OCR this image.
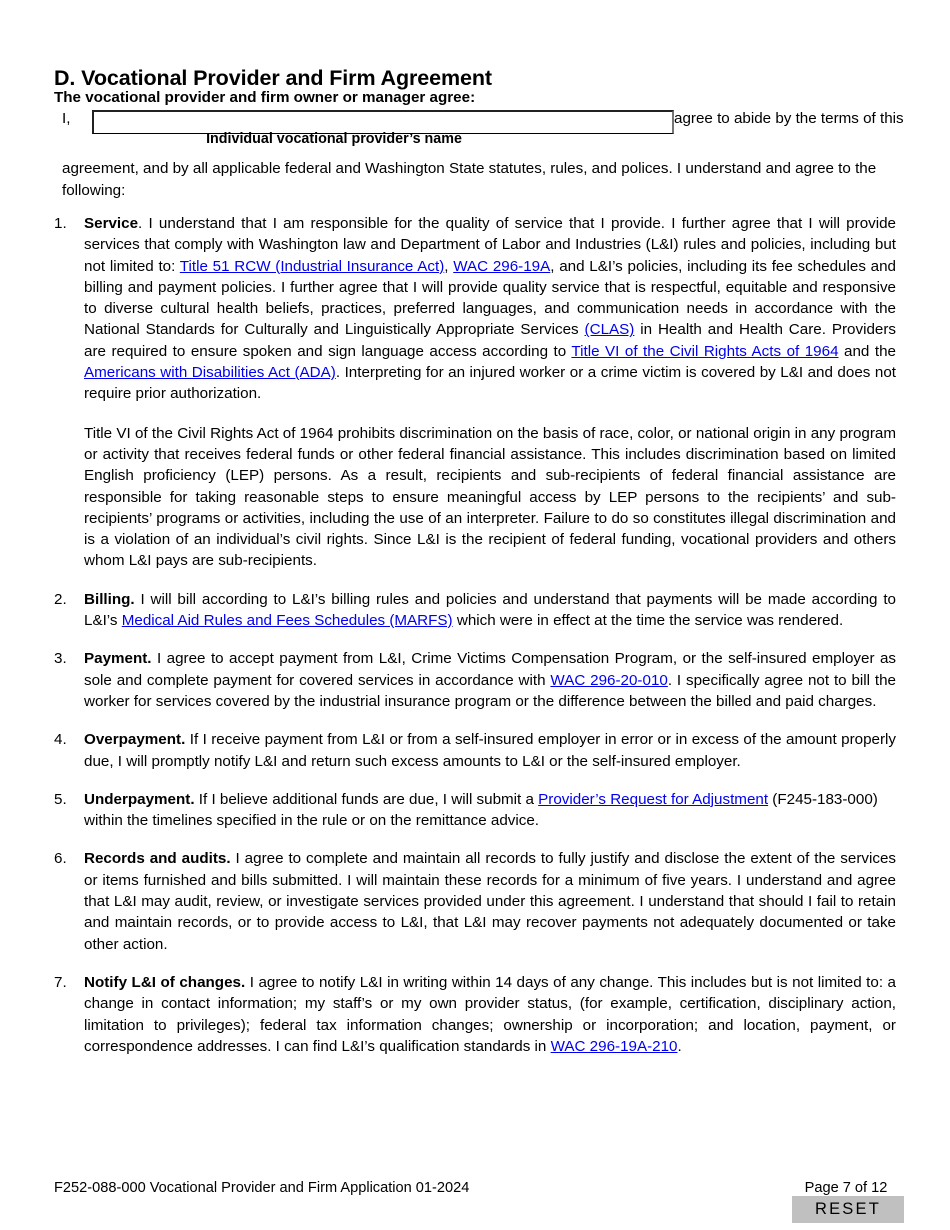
D. Vocational Provider and Firm Agreement
The vocational provider and firm owner or manager agree:
I,	agree to abide by the terms of this
Individual vocational provider’s name
agreement, and by all applicable federal and Washington State statutes, rules, and polices. I understand and agree to the following:
1.	Service. I understand that I am responsible for the quality of service that I provide. I further agree that I will provide services that comply with Washington law and Department of Labor and Industries (L&I) rules and policies, including but not limited to: Title 51 RCW (Industrial Insurance Act), WAC 296-19A, and L&I’s policies, including its fee schedules and billing and payment policies. I further agree that I will provide quality service that is respectful, equitable and responsive to diverse cultural health beliefs, practices, preferred languages, and communication needs in accordance with the National Standards for Culturally and Linguistically Appropriate Services (CLAS) in Health and Health Care. Providers are required to ensure spoken and sign language access according to Title VI of the Civil Rights Acts of 1964 and the Americans with Disabilities Act (ADA). Interpreting for an injured worker or a crime victim is covered by L&I and does not require prior authorization.
Title VI of the Civil Rights Act of 1964 prohibits discrimination on the basis of race, color, or national origin in any program or activity that receives federal funds or other federal financial assistance. This includes discrimination based on limited English proficiency (LEP) persons. As a result, recipients and sub-recipients of federal financial assistance are responsible for taking reasonable steps to ensure meaningful access by LEP persons to the recipients’ and sub-recipients’ programs or activities, including the use of an interpreter. Failure to do so constitutes illegal discrimination and is a violation of an individual’s civil rights. Since L&I is the recipient of federal funding, vocational providers and others whom L&I pays are sub-recipients.
2.	Billing. I will bill according to L&I’s billing rules and policies and understand that payments will be made according to L&I’s Medical Aid Rules and Fees Schedules (MARFS) which were in effect at the time the service was rendered.
3.	Payment. I agree to accept payment from L&I, Crime Victims Compensation Program, or the self-insured employer as sole and complete payment for covered services in accordance with WAC 296-20-010. I specifically agree not to bill the worker for services covered by the industrial insurance program or the difference between the billed and paid charges.
4.	Overpayment. If I receive payment from L&I or from a self-insured employer in error or in excess of the amount properly due, I will promptly notify L&I and return such excess amounts to L&I or the self-insured employer.
5.	Underpayment. If I believe additional funds are due, I will submit a Provider’s Request for Adjustment (F245-183-000) within the timelines specified in the rule or on the remittance advice.
6.	Records and audits. I agree to complete and maintain all records to fully justify and disclose the extent of the services or items furnished and bills submitted. I will maintain these records for a minimum of five years. I understand and agree that L&I may audit, review, or investigate services provided under this agreement. I understand that should I fail to retain and maintain records, or to provide access to L&I, that L&I may recover payments not adequately documented or take other action.
7.	Notify L&I of changes. I agree to notify L&I in writing within 14 days of any change. This includes but is not limited to: a change in contact information; my staff’s or my own provider status, (for example, certification, disciplinary action, limitation to privileges); federal tax information changes; ownership or incorporation; and location, payment, or correspondence addresses. I can find L&I’s qualification standards in WAC 296-19A-210.
F252-088-000 Vocational Provider and Firm Application 01-2024	Page 7 of 12
RESET
